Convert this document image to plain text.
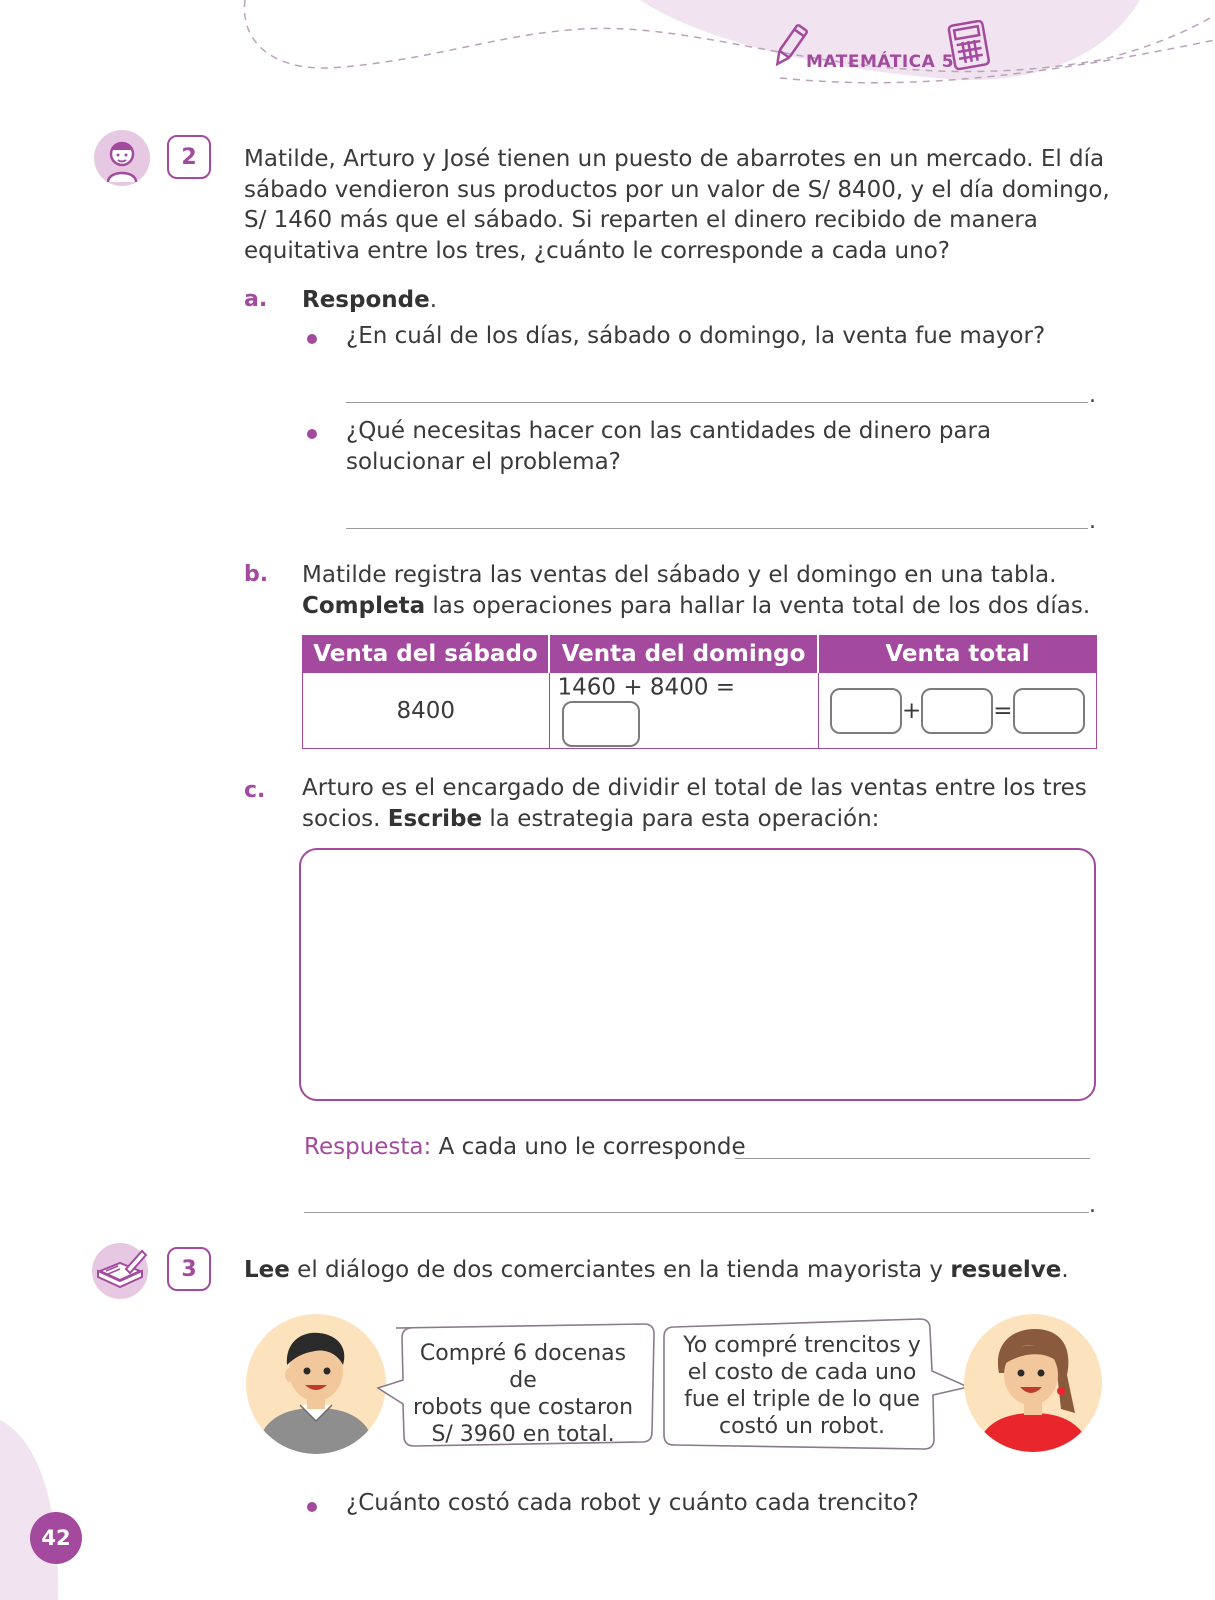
MATEMÁTICA 5
2	Matilde, Arturo y José tienen un puesto de abarrotes en un mercado. El día
sábado vendieron sus productos por un valor de S/ 8400, y el día domingo,
S/ 1460 más que el sábado. Si reparten el dinero recibido de manera
equitativa entre los tres, ¿cuánto le corresponde a cada uno?
a. Responde.
¿En cuál de los días, sábado o domingo, la venta fue mayor?
.
¿Qué necesitas hacer con las cantidades de dinero para
solucionar el problema?
.
b. Matilde registra las ventas del sábado y el domingo en una tabla.
Completa las operaciones para hallar la venta total de los dos días.
Venta del sábado	Venta del domingo	Venta total
8400	1460 + 8400 =	+ =
c. Arturo es el encargado de dividir el total de las ventas entre los tres
socios. Escribe la estrategia para esta operación:
Respuesta: A cada uno le corresponde
.
3	Lee el diálogo de dos comerciantes en la tienda mayorista y resuelve.
Compré 6 docenas de
robots que costaron
S/ 3960 en total.
Yo compré trencitos y
el costo de cada uno
fue el triple de lo que
costó un robot.
¿Cuánto costó cada robot y cuánto cada trencito?
42
